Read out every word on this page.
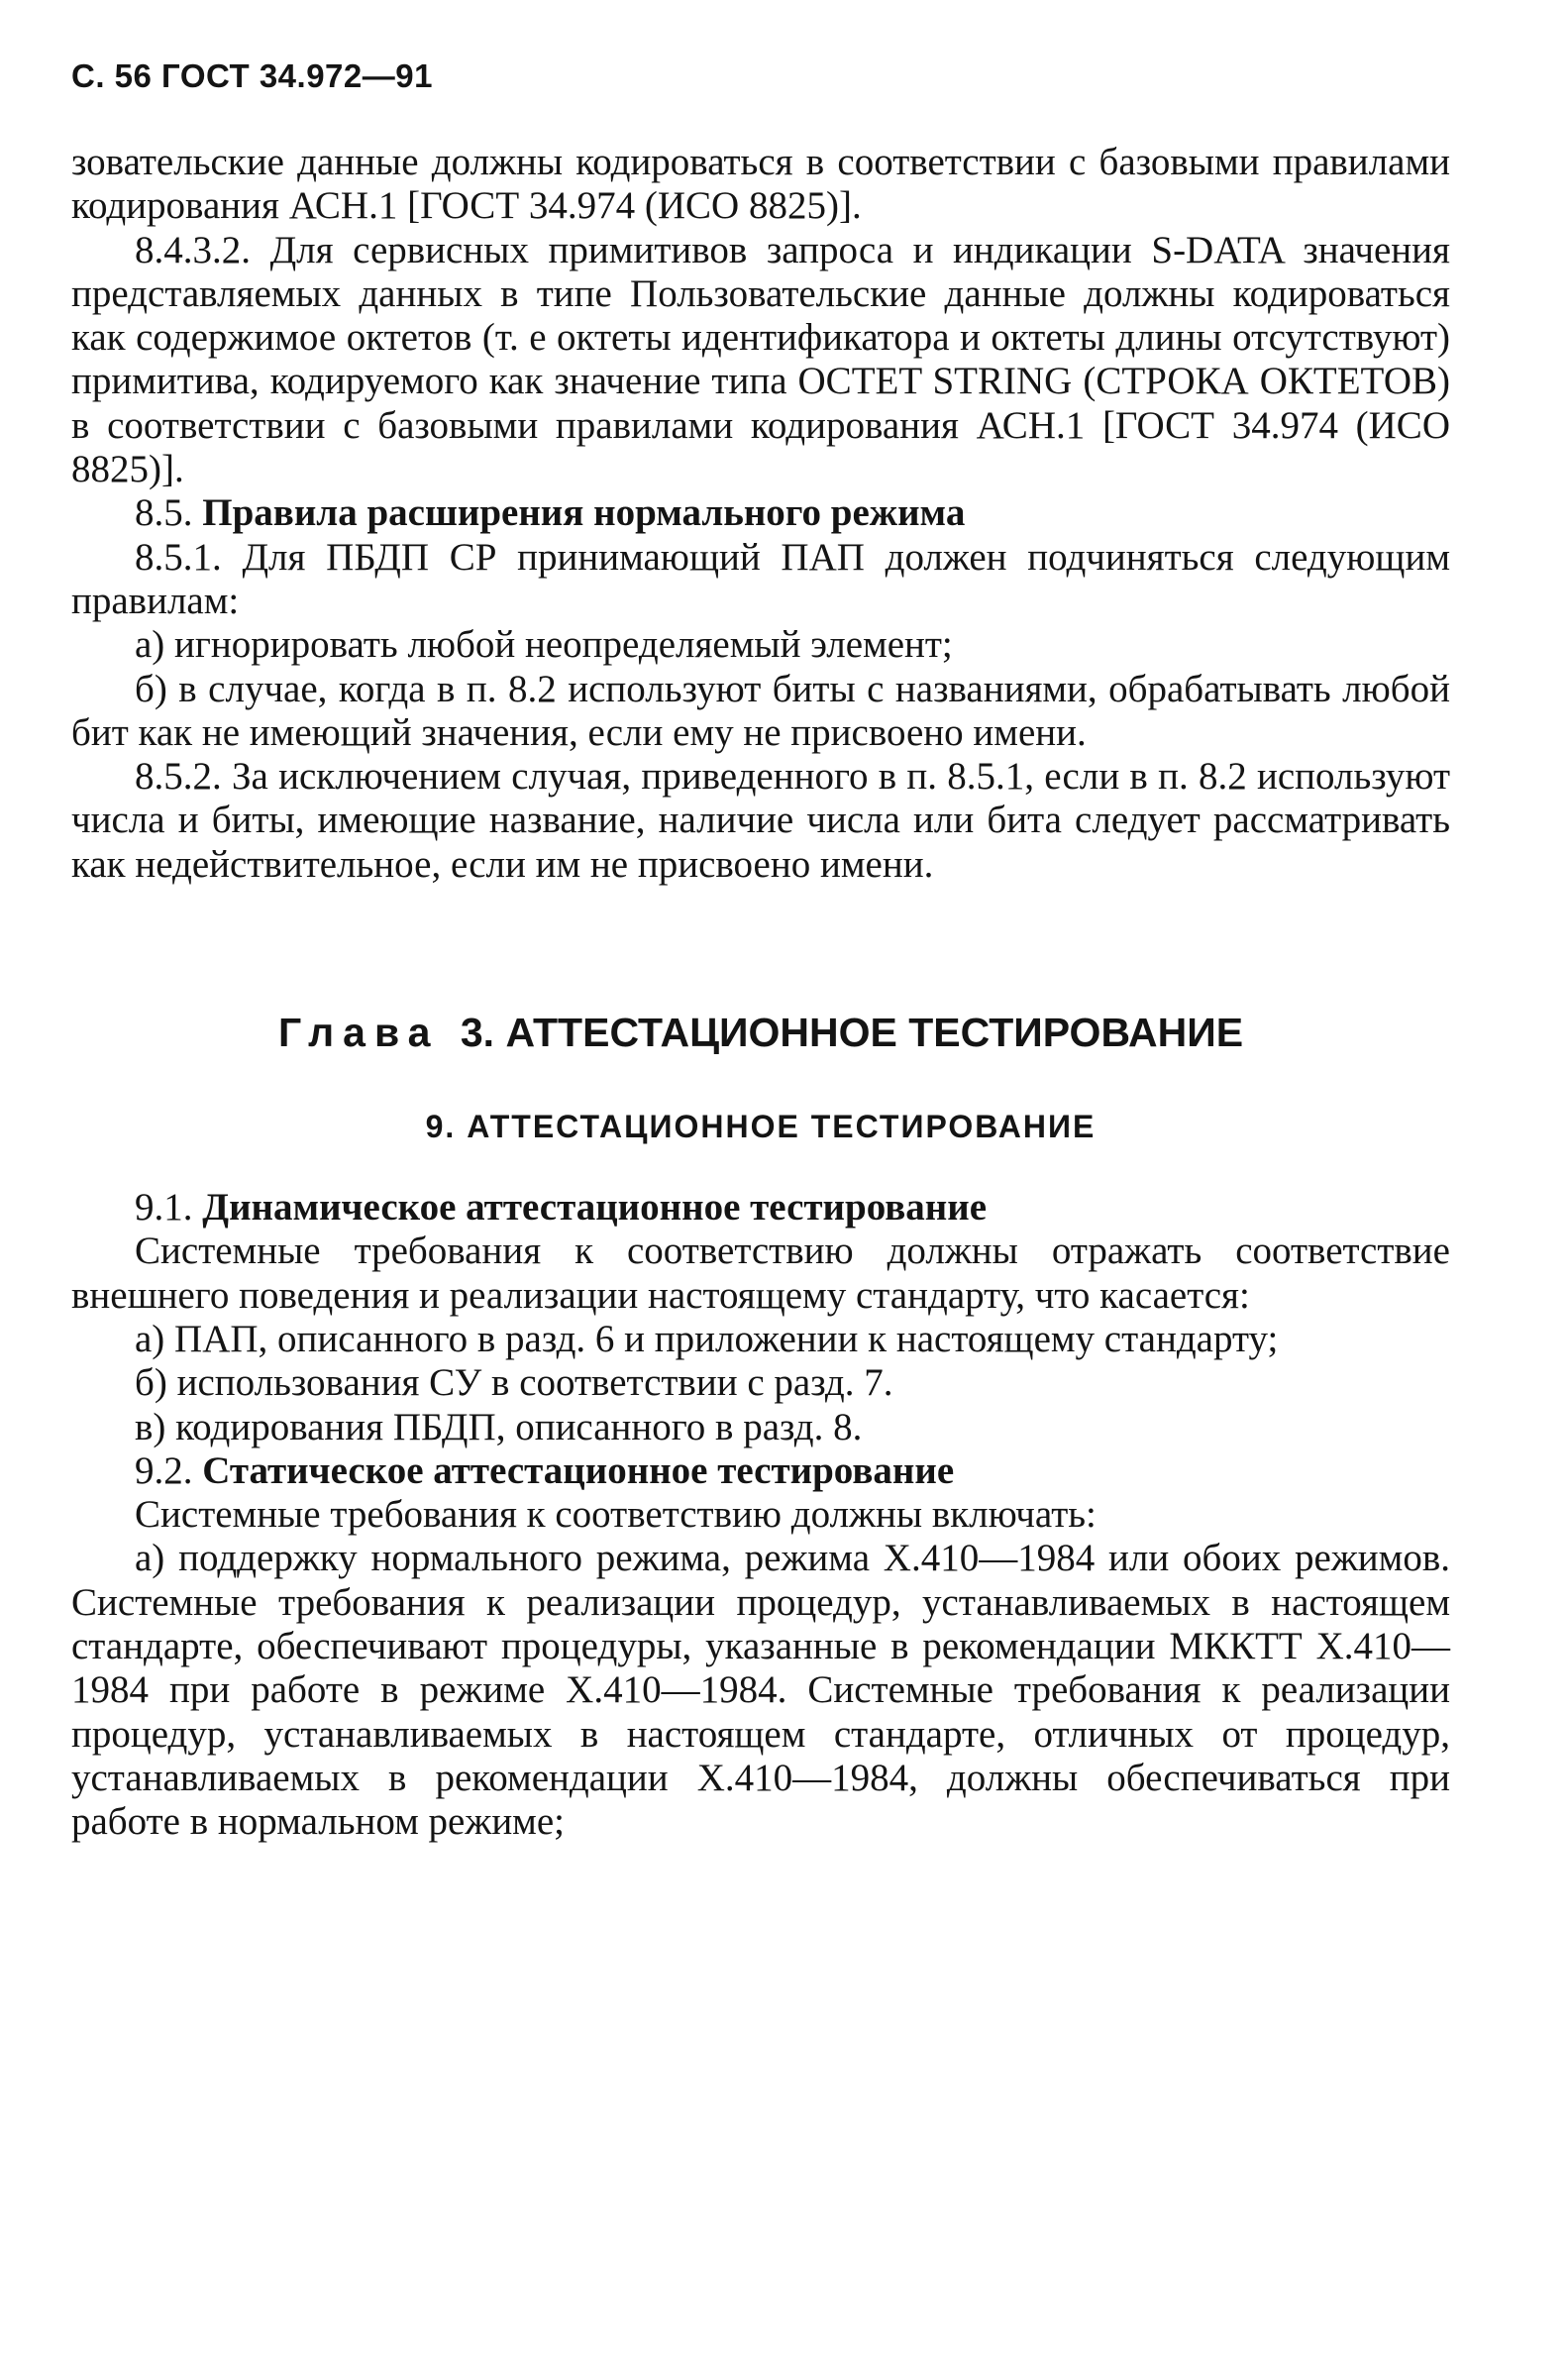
С. 56 ГОСТ 34.972—91

зовательские данные должны кодироваться в соответствии с базовыми правилами кодирования АСН.1 [ГОСТ 34.974 (ИСО 8825)].

8.4.3.2. Для сервисных примитивов запроса и индикации S-DATA значения представляемых данных в типе Пользовательские данные должны кодироваться как содержимое октетов (т. е октеты идентификатора и октеты длины отсутствуют) примитива, кодируемого как значение типа OCTET STRING (СТРОКА ОКТЕТОВ) в соответствии с базовыми правилами кодирования АСН.1 [ГОСТ 34.974 (ИСО 8825)].

8.5. Правила расширения нормального режима

8.5.1. Для ПБДП СР принимающий ПАП должен подчиняться следующим правилам:

а) игнорировать любой неопределяемый элемент;

б) в случае, когда в п. 8.2 используют биты с названиями, обрабатывать любой бит как не имеющий значения, если ему не присвоено имени.

8.5.2. За исключением случая, приведенного в п. 8.5.1, если в п. 8.2 используют числа и биты, имеющие название, наличие числа или бита следует рассматривать как недействительное, если им не присвоено имени.

Глава 3. АТТЕСТАЦИОННОЕ ТЕСТИРОВАНИЕ
9. АТТЕСТАЦИОННОЕ ТЕСТИРОВАНИЕ

9.1. Динамическое аттестационное тестирование

Системные требования к соответствию должны отражать соответствие внешнего поведения и реализации настоящему стандарту, что касается:

а) ПАП, описанного в разд. 6 и приложении к настоящему стандарту;

б) использования СУ в соответствии с разд. 7.

в) кодирования ПБДП, описанного в разд. 8.

9.2. Статическое аттестационное тестирование

Системные требования к соответствию должны включать:

а) поддержку нормального режима, режима X.410—1984 или обоих режимов. Системные требования к реализации процедур, устанавливаемых в настоящем стандарте, обеспечивают процедуры, указанные в рекомендации МККТТ X.410—1984 при работе в режиме X.410—1984. Системные требования к реализации процедур, устанавливаемых в настоящем стандарте, отличных от процедур, устанавливаемых в рекомендации X.410—1984, должны обеспечиваться при работе в нормальном режиме;
